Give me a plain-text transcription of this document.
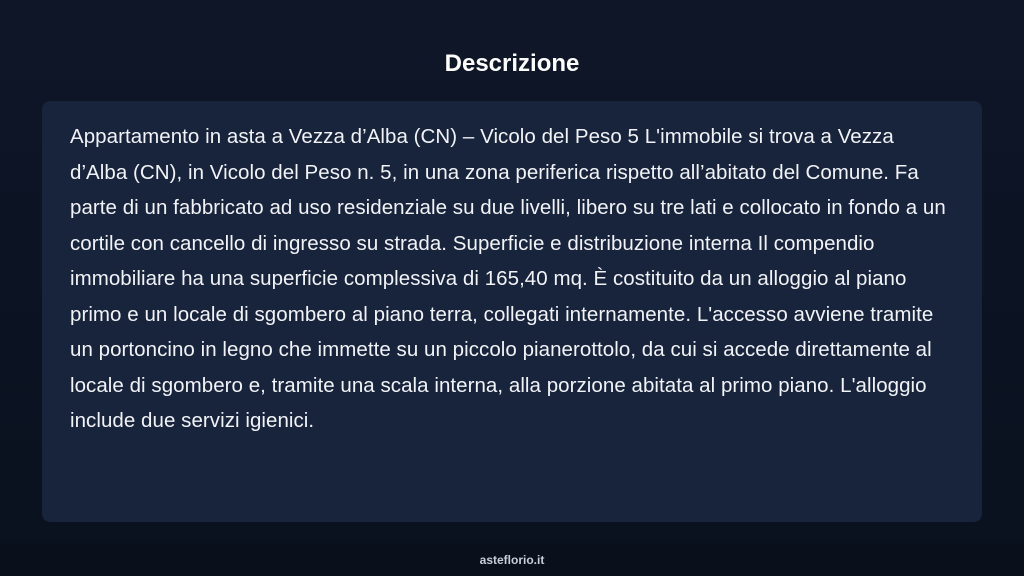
Descrizione

Appartamento in asta a Vezza d’Alba (CN) – Vicolo del Peso 5 L'immobile si trova a Vezza d’Alba (CN), in Vicolo del Peso n. 5, in una zona periferica rispetto all’abitato del Comune. Fa parte di un fabbricato ad uso residenziale su due livelli, libero su tre lati e collocato in fondo a un cortile con cancello di ingresso su strada. Superficie e distribuzione interna Il compendio immobiliare ha una superficie complessiva di 165,40 mq. È costituito da un alloggio al piano primo e un locale di sgombero al piano terra, collegati internamente. L'accesso avviene tramite un portoncino in legno che immette su un piccolo pianerottolo, da cui si accede direttamente al locale di sgombero e, tramite una scala interna, alla porzione abitata al primo piano. L'alloggio include due servizi igienici.

asteflorio.it
